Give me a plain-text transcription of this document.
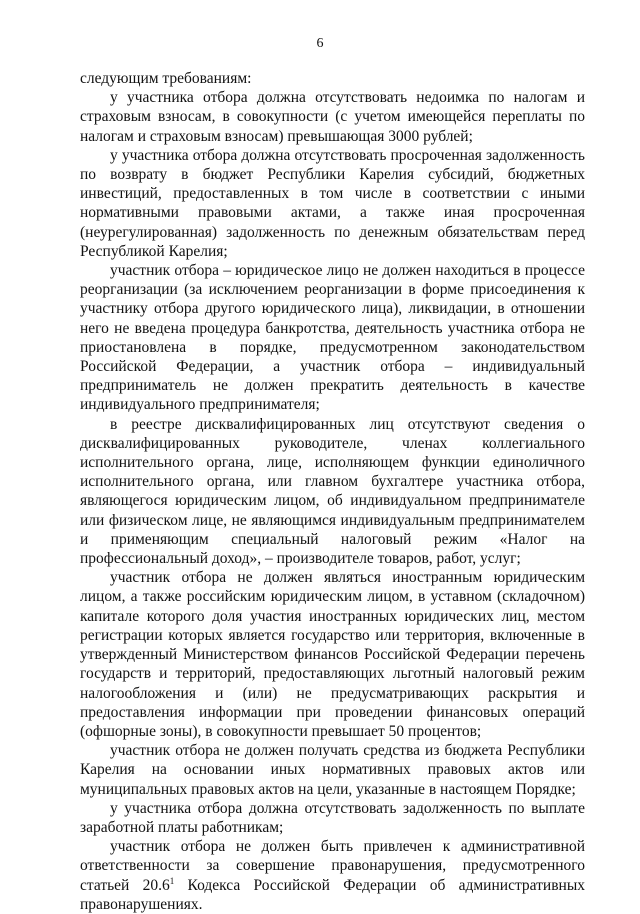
6

следующим требованиям:

у участника отбора должна отсутствовать недоимка по налогам и страховым взносам, в совокупности (с учетом имеющейся переплаты по налогам и страховым взносам) превышающая 3000 рублей;

у участника отбора должна отсутствовать просроченная задолженность по возврату в бюджет Республики Карелия субсидий, бюджетных инвестиций, предоставленных в том числе в соответствии с иными нормативными правовыми актами, а также иная просроченная (неурегулированная) задолженность по денежным обязательствам перед Республикой Карелия;

участник отбора – юридическое лицо не должен находиться в процессе реорганизации (за исключением реорганизации в форме присоединения к участнику отбора другого юридического лица), ликвидации, в отношении него не введена процедура банкротства, деятельность участника отбора не приостановлена в порядке, предусмотренном законодательством Российской Федерации, а участник отбора – индивидуальный предприниматель не должен прекратить деятельность в качестве индивидуального предпринимателя;

в реестре дисквалифицированных лиц отсутствуют сведения о дисквалифицированных руководителе, членах коллегиального исполнительного органа, лице, исполняющем функции единоличного исполнительного органа, или главном бухгалтере участника отбора, являющегося юридическим лицом, об индивидуальном предпринимателе или физическом лице, не являющимся индивидуальным предпринимателем и применяющим специальный налоговый режим «Налог на профессиональный доход», – производителе товаров, работ, услуг;

участник отбора не должен являться иностранным юридическим лицом, а также российским юридическим лицом, в уставном (складочном) капитале которого доля участия иностранных юридических лиц, местом регистрации которых является государство или территория, включенные в утвержденный Министерством финансов Российской Федерации перечень государств и территорий, предоставляющих льготный налоговый режим налогообложения и (или) не предусматривающих раскрытия и предоставления информации при проведении финансовых операций (офшорные зоны), в совокупности превышает 50 процентов;

участник отбора не должен получать средства из бюджета Республики Карелия на основании иных нормативных правовых актов или муниципальных правовых актов на цели, указанные в настоящем Порядке;

у участника отбора должна отсутствовать задолженность по выплате заработной платы работникам;

участник отбора не должен быть привлечен к административной ответственности за совершение правонарушения, предусмотренного статьей 20.6$^1$ Кодекса Российской Федерации об административных правонарушениях.
